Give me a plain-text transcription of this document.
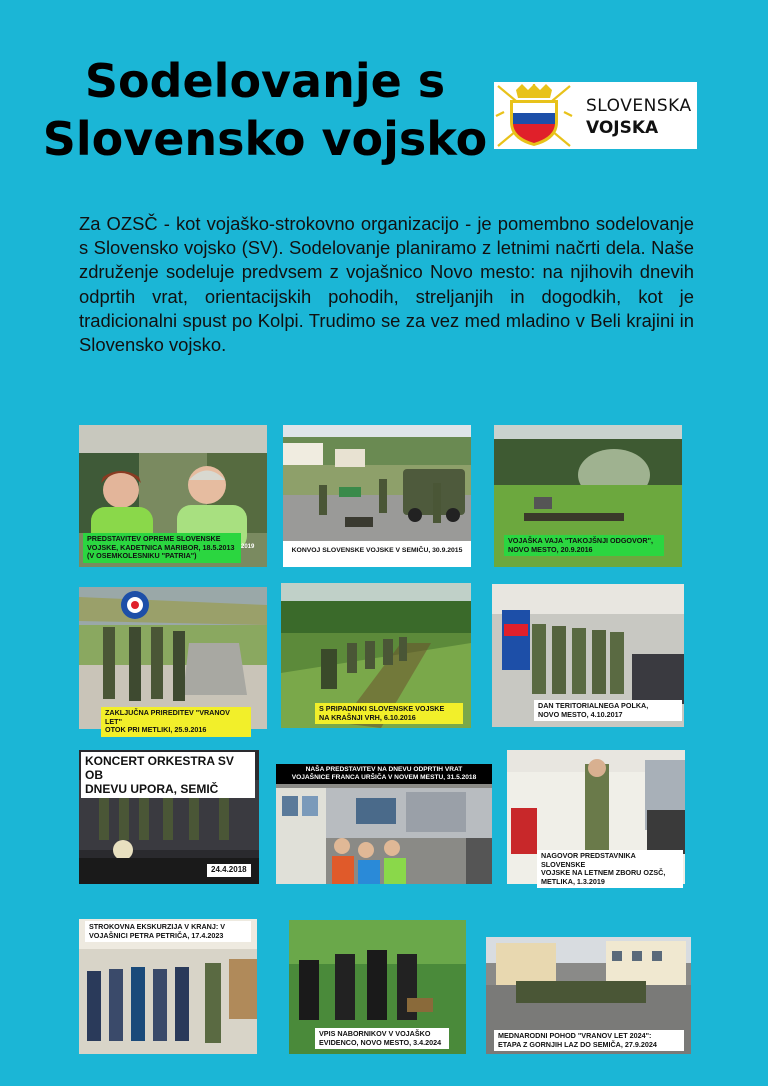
Sodelovanje s Slovensko vojsko
SLOVENSKA
VOJSKA
Za OZSČ - kot vojaško-strokovno organizacijo - je pomembno sodelovanje s Slovensko vojsko (SV). Sodelovanje planiramo z letnimi načrti dela. Naše združenje sodeluje predvsem z vojašnico Novo mesto: na njihovih dnevih odprtih vrat, orientacijskih pohodih, streljanjih in dogodkih, kot je tradicionalni spust po Kolpi. Trudimo se za vez med mladino v Beli krajini in Slovensko vojsko.
PREDSTAVITEV OPREME SLOVENSKE
VOJSKE, KADETNICA MARIBOR, 18.5.2013
(V OSEMKOLESNIKU "PATRIA")
2019	KONVOJ SLOVENSKE VOJSKE V SEMIČU, 30.9.2015
VOJAŠKA VAJA "TAKOJŠNJI ODGOVOR",
NOVO MESTO, 20.9.2016
ZAKLJUČNA PRIREDITEV "VRANOV LET"
OTOK PRI METLIKI, 25.9.2016
S PRIPADNIKI SLOVENSKE VOJSKE
NA KRAŠNJI VRH, 6.10.2016
DAN TERITORIALNEGA POLKA,
NOVO MESTO, 4.10.2017
KONCERT ORKESTRA SV OB
DNEVU UPORA, SEMIČ
24.4.2018
NAŠA PREDSTAVITEV NA DNEVU ODPRTIH VRAT
VOJAŠNICE FRANCA URŠIČA V NOVEM MESTU, 31.5.2018
NAGOVOR PREDSTAVNIKA SLOVENSKE
VOJSKE NA LETNEM ZBORU OZSČ,
METLIKA, 1.3.2019
STROKOVNA EKSKURZIJA V KRANJ: V
VOJAŠNICI PETRA PETRIČA, 17.4.2023
VPIS NABORNIKOV V VOJAŠKO
EVIDENCO, NOVO MESTO, 3.4.2024
MEDNARODNI POHOD "VRANOV LET 2024":
ETAPA Z GORNJIH LAZ DO SEMIČA, 27.9.2024
